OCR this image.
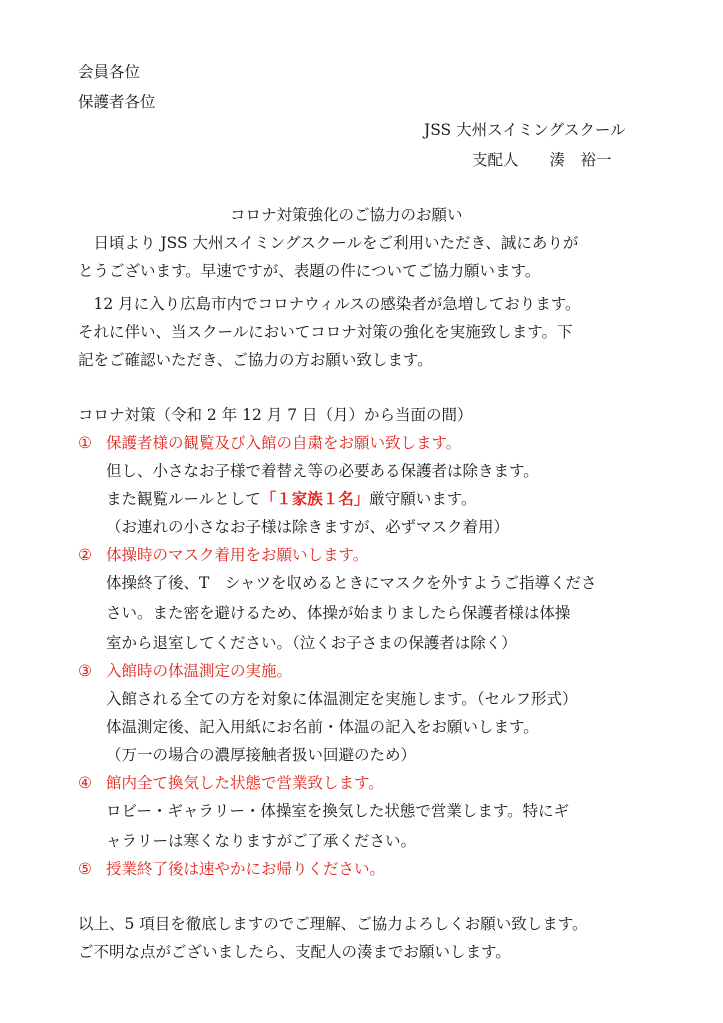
会員各位
保護者各位
JSS 大州スイミングスクール
支配人　　湊　裕一
コロナ対策強化のご協力のお願い
　日頃より JSS 大州スイミングスクールをご利用いただき、誠にありが
とうございます。早速ですが、表題の件についてご協力願います。
　12 月に入り広島市内でコロナウィルスの感染者が急増しております。
それに伴い、当スクールにおいてコロナ対策の強化を実施致します。下
記をご確認いただき、ご協力の方お願い致します。
コロナ対策（令和 2 年 12 月 7 日（月）から当面の間）
① 保護者様の観覧及び入館の自粛をお願い致します。
但し、小さなお子様で着替え等の必要ある保護者は除きます。
また観覧ルールとして「１家族１名」厳守願います。
（お連れの小さなお子様は除きますが、必ずマスク着用）
② 体操時のマスク着用をお願いします。
体操終了後、T　シャツを収めるときにマスクを外すようご指導くださ
さい。また密を避けるため、体操が始まりましたら保護者様は体操
室から退室してください。（泣くお子さまの保護者は除く）
③ 入館時の体温測定の実施。
入館される全ての方を対象に体温測定を実施します。（セルフ形式）
体温測定後、記入用紙にお名前・体温の記入をお願いします。
（万一の場合の濃厚接触者扱い回避のため）
④ 館内全て換気した状態で営業致します。
ロビー・ギャラリー・体操室を換気した状態で営業します。特にギ
ャラリーは寒くなりますがご了承ください。
⑤ 授業終了後は速やかにお帰りください。
以上、5 項目を徹底しますのでご理解、ご協力よろしくお願い致します。
ご不明な点がございましたら、支配人の湊までお願いします。
